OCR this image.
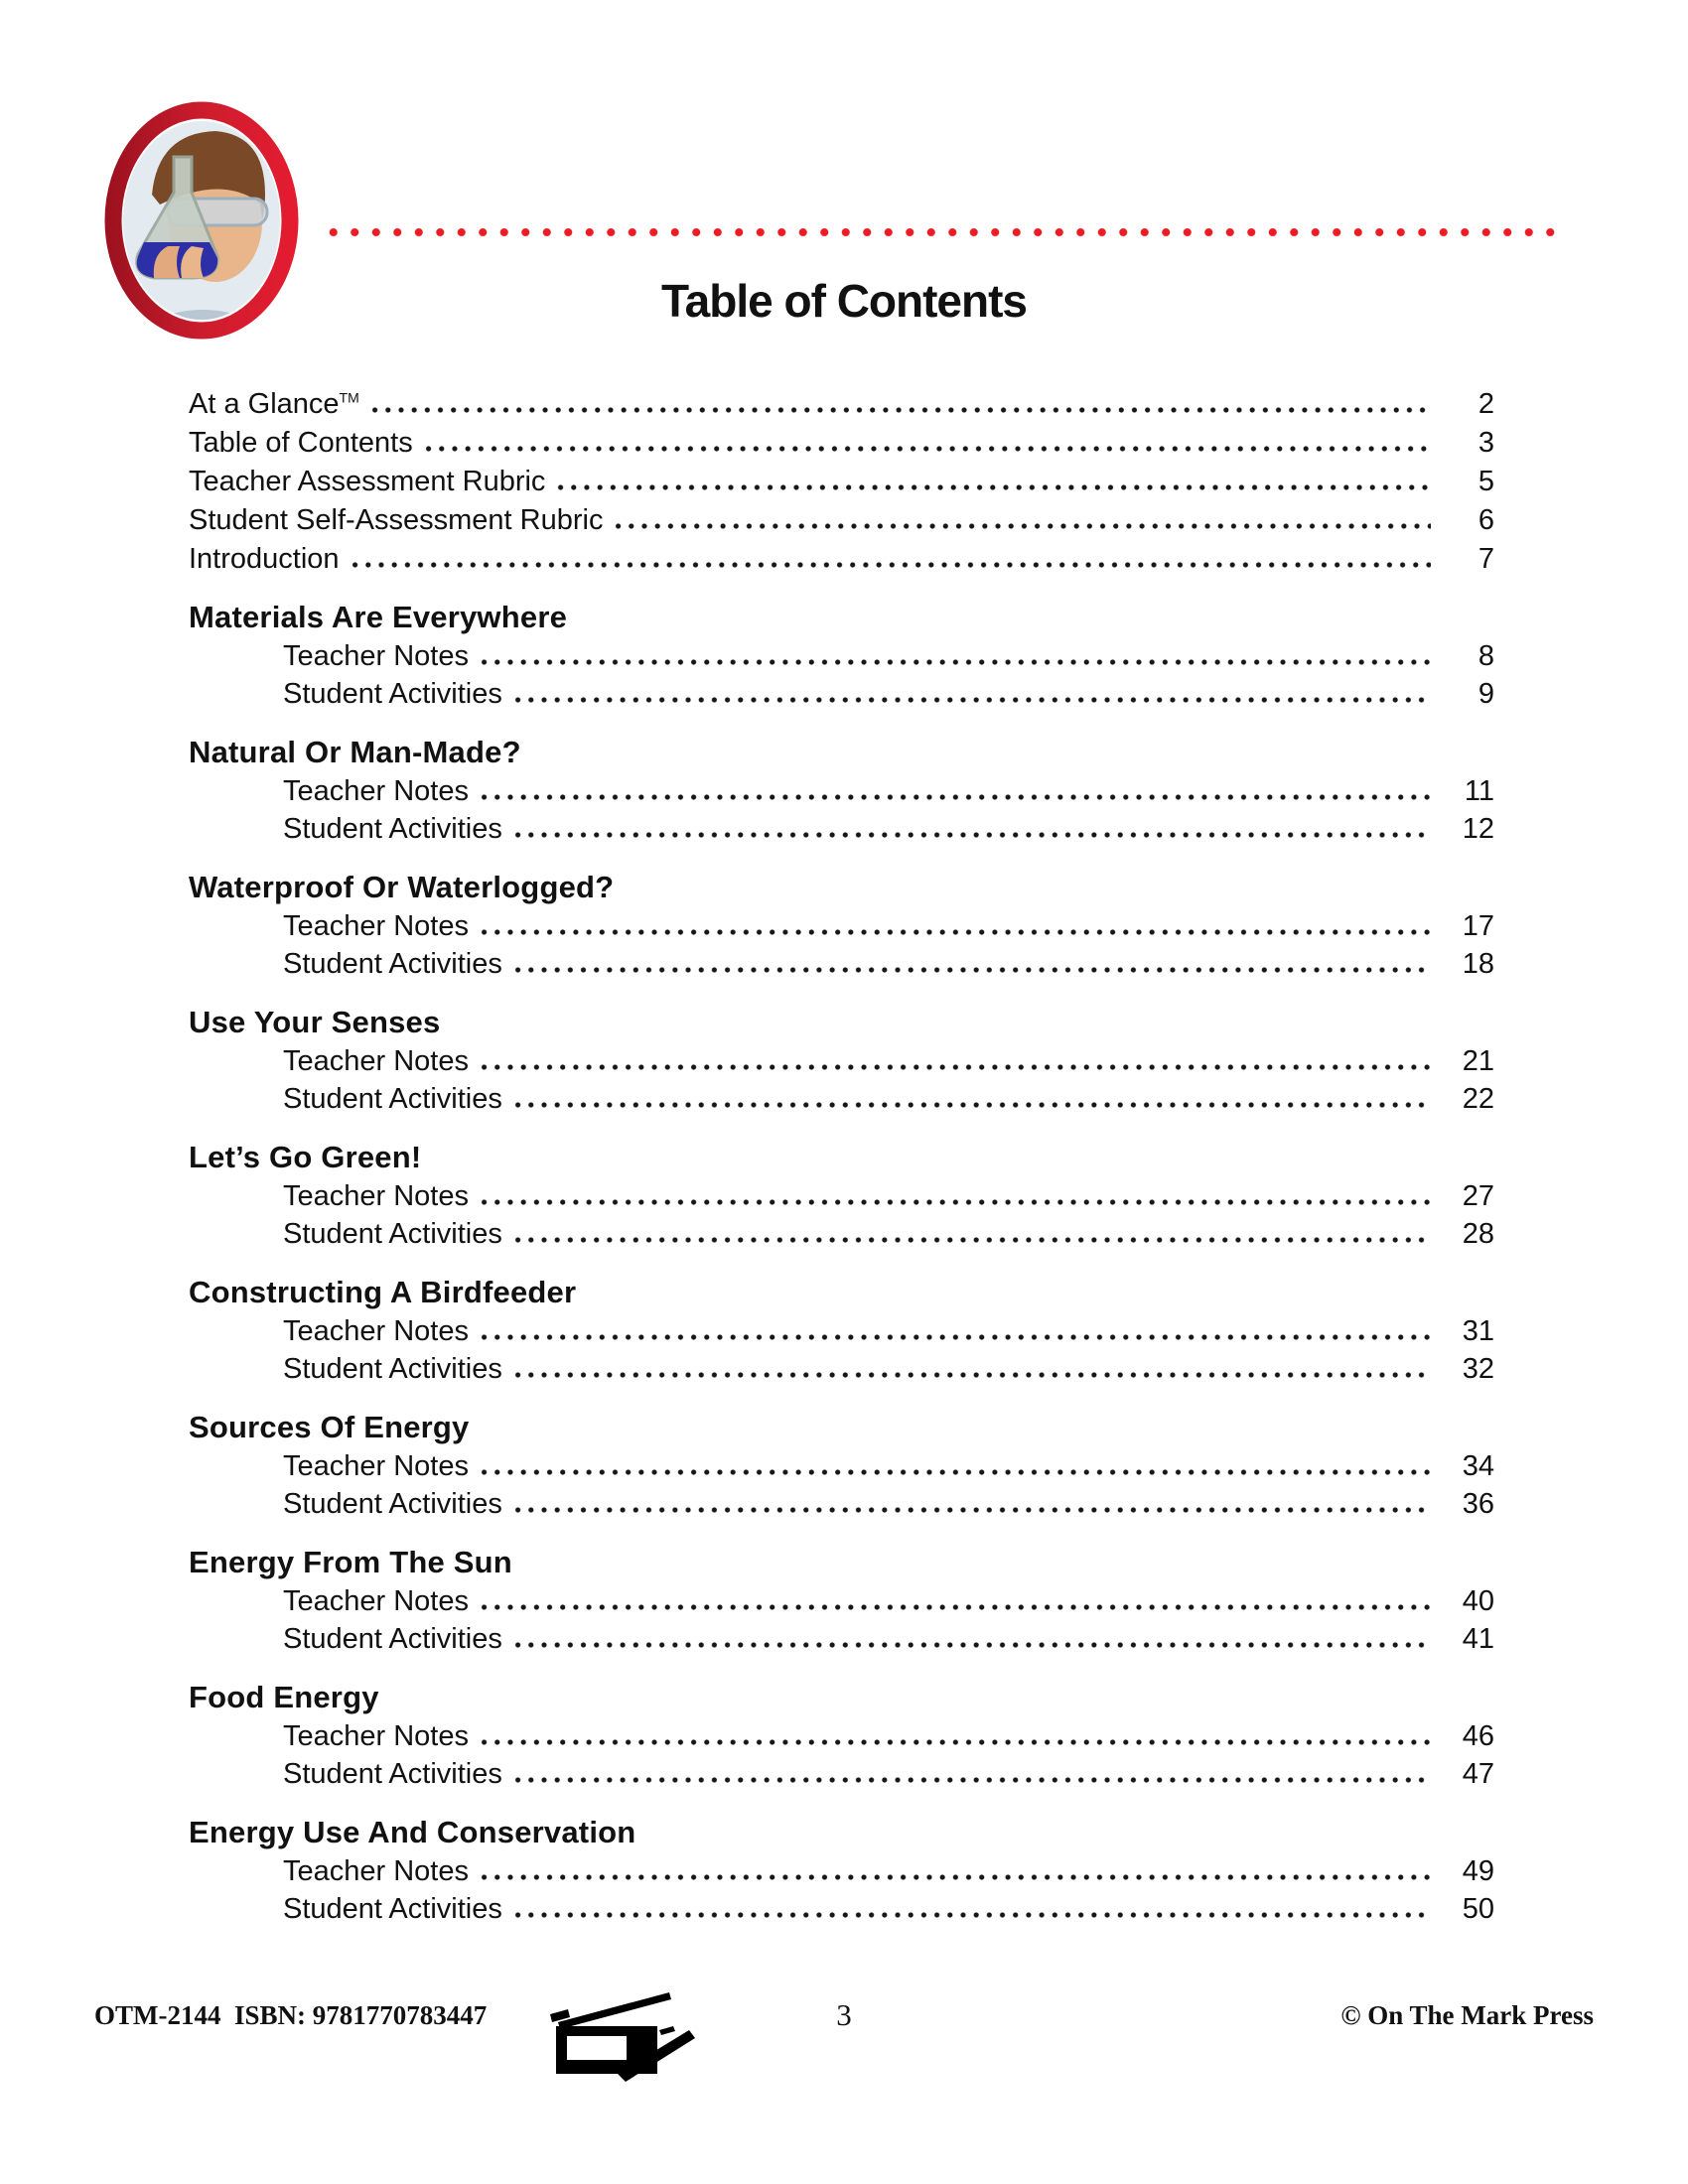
Table of Contents
At a Glance™	2
Table of Contents	3
Teacher Assessment Rubric	5
Student Self-Assessment Rubric	6
Introduction	7
Materials Are Everywhere
Teacher Notes	8
Student Activities	9
Natural Or Man-Made?
Teacher Notes	11
Student Activities	12
Waterproof Or Waterlogged?
Teacher Notes	17
Student Activities	18
Use Your Senses
Teacher Notes	21
Student Activities	22
Let’s Go Green!
Teacher Notes	27
Student Activities	28
Constructing A Birdfeeder
Teacher Notes	31
Student Activities	32
Sources Of Energy
Teacher Notes	34
Student Activities	36
Energy From The Sun
Teacher Notes	40
Student Activities	41
Food Energy
Teacher Notes	46
Student Activities	47
Energy Use And Conservation
Teacher Notes	49
Student Activities	50
OTM-2144  ISBN: 9781770783447	3	© On The Mark Press
